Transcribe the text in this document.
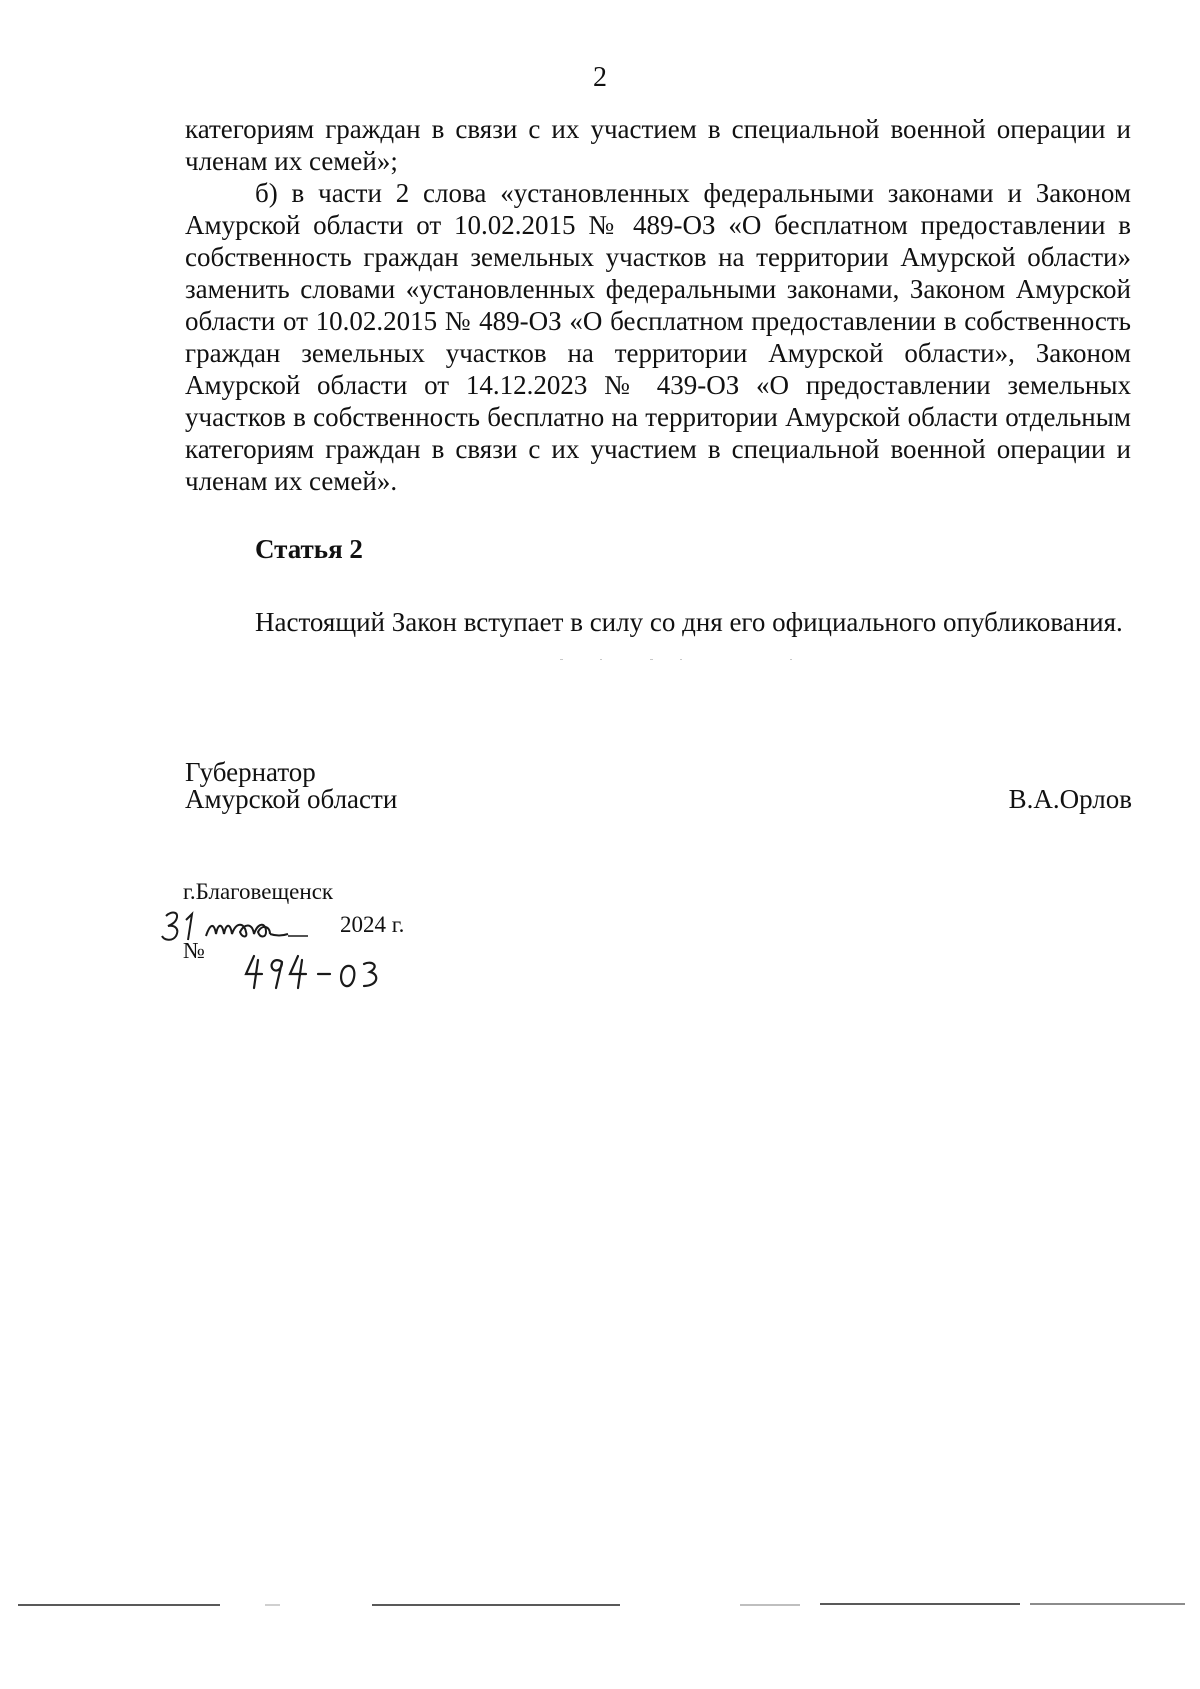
2

категориям граждан в связи с их участием в специальной военной операции и членам их семей»;

б) в части 2 слова «установленных федеральными законами и Законом Амурской области от 10.02.2015 № 489-ОЗ «О бесплатном предоставлении в собственность граждан земельных участков на территории Амурской области» заменить словами «установленных федеральными законами, Законом Амурской области от 10.02.2015 № 489-ОЗ «О бесплатном предоставлении в собственность граждан земельных участков на территории Амурской области», Законом Амурской области от 14.12.2023 № 439-ОЗ «О предоставлении земельных участков в собственность бесплатно на территории Амурской области отдельным категориям граждан в связи с их участием в специальной военной операции и членам их семей».

Статья 2

Настоящий Закон вступает в силу со дня его официального опубликования.

Губернатор
Амурской области	В.А.Орлов
г.Благовещенск
2024 г.
№
